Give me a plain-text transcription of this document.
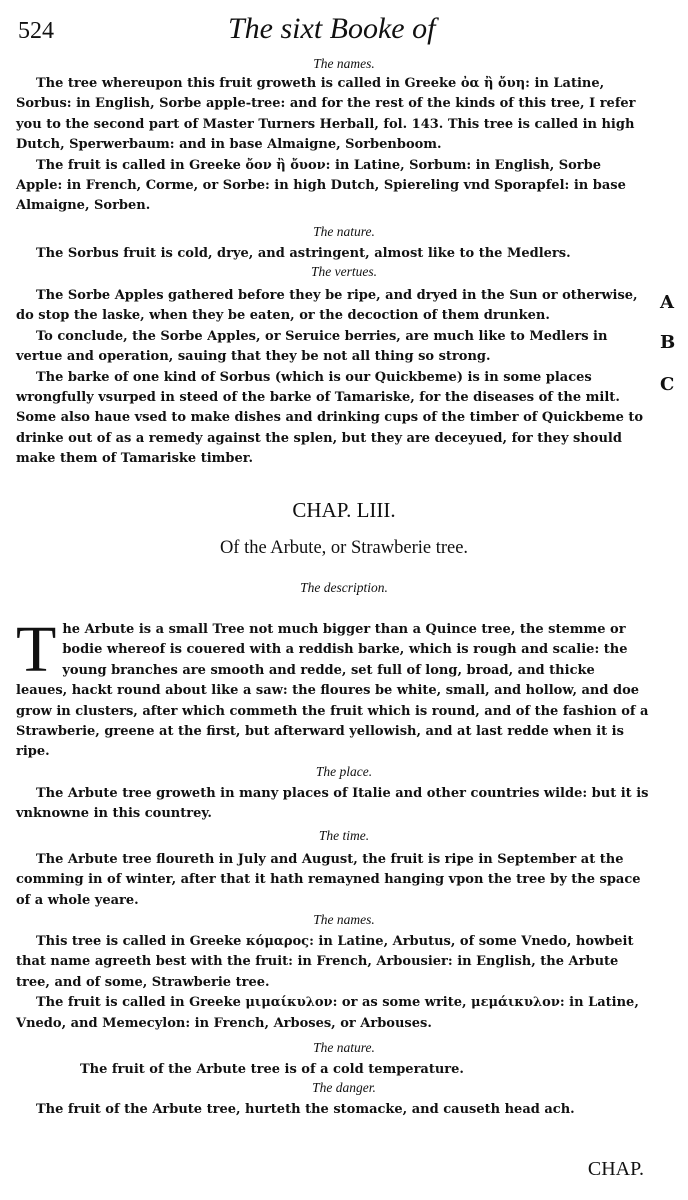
524	The sixt Booke of
The names.

The tree whereupon this fruit groweth is called in Greeke ὀα ἢ ὄυη: in Latine, Sorbus: in English, Sorbe apple-tree: and for the rest of the kinds of this tree, I refer you to the second part of Master Turners Herball, fol. 143. This tree is called in high Dutch, Sperwerbaum: and in base Almaigne, Sorbenboom.

The fruit is called in Greeke ὄον ἢ ὄυον: in Latine, Sorbum: in English, Sorbe Apple: in French, Corme, or Sorbe: in high Dutch, Spiereling vnd Sporapfel: in base Almaigne, Sorben.

The nature.

The Sorbus fruit is cold, drye, and astringent, almost like to the Medlers.

The vertues.

The Sorbe Apples gathered before they be ripe, and dryed in the Sun or otherwise, do stop the laske, when they be eaten, or the decoction of them drunken.

To conclude, the Sorbe Apples, or Seruice berries, are much like to Medlers in vertue and operation, sauing that they be not all thing so strong.

The barke of one kind of Sorbus (which is our Quickbeme) is in some places wrongfully vsurped in steed of the barke of Tamariske, for the diseases of the milt. Some also haue vsed to make dishes and drinking cups of the timber of Quickbeme to drinke out of as a remedy against the splen, but they are deceyued, for they should make them of Tamariske timber.

A
B
C
CHAP. LIII.
Of the Arbute, or Strawberie tree.
The description.
T he Arbute is a small Tree not much bigger than a Quince tree, the stemme or bodie whereof is couered with a reddish barke, which is rough and scalie: the young branches are smooth and redde, set full of long, broad, and thicke leaues, hackt round about like a saw: the floures be white, small, and hollow, and doe grow in clusters, after which commeth the fruit which is round, and of the fashion of a Strawberie, greene at the first, but afterward yellowish, and at last redde when it is ripe.

The place.

The Arbute tree groweth in many places of Italie and other countries wilde: but it is vnknowne in this countrey.

The time.

The Arbute tree floureth in July and August, the fruit is ripe in September at the comming in of winter, after that it hath remayned hanging vpon the tree by the space of a whole yeare.

The names.

This tree is called in Greeke κόμαρος: in Latine, Arbutus, of some Vnedo, howbeit that name agreeth best with the fruit: in French, Arbousier: in English, the Arbute tree, and of some, Strawberie tree.

The fruit is called in Greeke μιμαίκυλον: or as some write, μεμάικυλον: in Latine, Vnedo, and Memecylon: in French, Arboses, or Arbouses.

The nature.

The fruit of the Arbute tree is of a cold temperature.

The danger.

The fruit of the Arbute tree, hurteth the stomacke, and causeth head ach.

CHAP.
